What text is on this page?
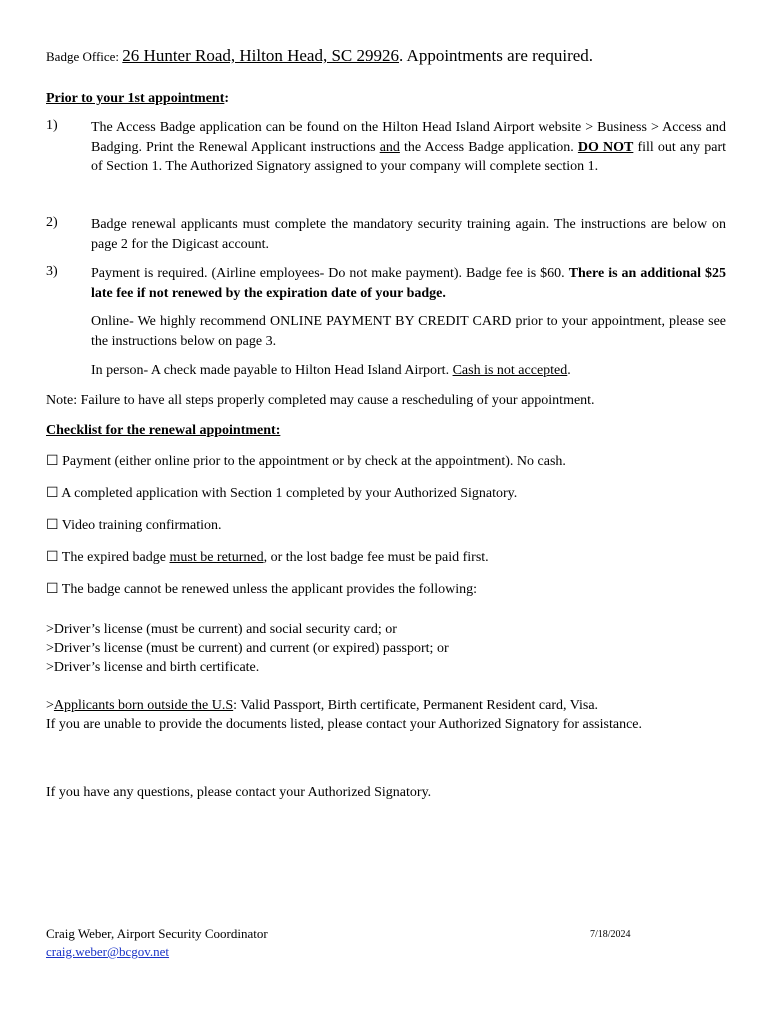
Badge Office: 26 Hunter Road, Hilton Head, SC 29926. Appointments are required.
Prior to your 1st appointment:
1) The Access Badge application can be found on the Hilton Head Island Airport website > Business > Access and Badging. Print the Renewal Applicant instructions and the Access Badge application. DO NOT fill out any part of Section 1. The Authorized Signatory assigned to your company will complete section 1.
2) Badge renewal applicants must complete the mandatory security training again. The instructions are below on page 2 for the Digicast account.
3) Payment is required. (Airline employees- Do not make payment). Badge fee is $60. There is an additional $25 late fee if not renewed by the expiration date of your badge.
Online- We highly recommend ONLINE PAYMENT BY CREDIT CARD prior to your appointment, please see the instructions below on page 3.
In person- A check made payable to Hilton Head Island Airport. Cash is not accepted.
Note: Failure to have all steps properly completed may cause a rescheduling of your appointment.
Checklist for the renewal appointment:
☐ Payment (either online prior to the appointment or by check at the appointment). No cash.
☐ A completed application with Section 1 completed by your Authorized Signatory.
☐ Video training confirmation.
☐ The expired badge must be returned, or the lost badge fee must be paid first.
☐ The badge cannot be renewed unless the applicant provides the following:
>Driver’s license (must be current) and social security card; or
>Driver’s license (must be current) and current (or expired) passport; or
>Driver’s license and birth certificate.
>Applicants born outside the U.S: Valid Passport, Birth certificate, Permanent Resident card, Visa.
If you are unable to provide the documents listed, please contact your Authorized Signatory for assistance.
If you have any questions, please contact your Authorized Signatory.
Craig Weber, Airport Security Coordinator
craig.weber@bcgov.net
7/18/2024
